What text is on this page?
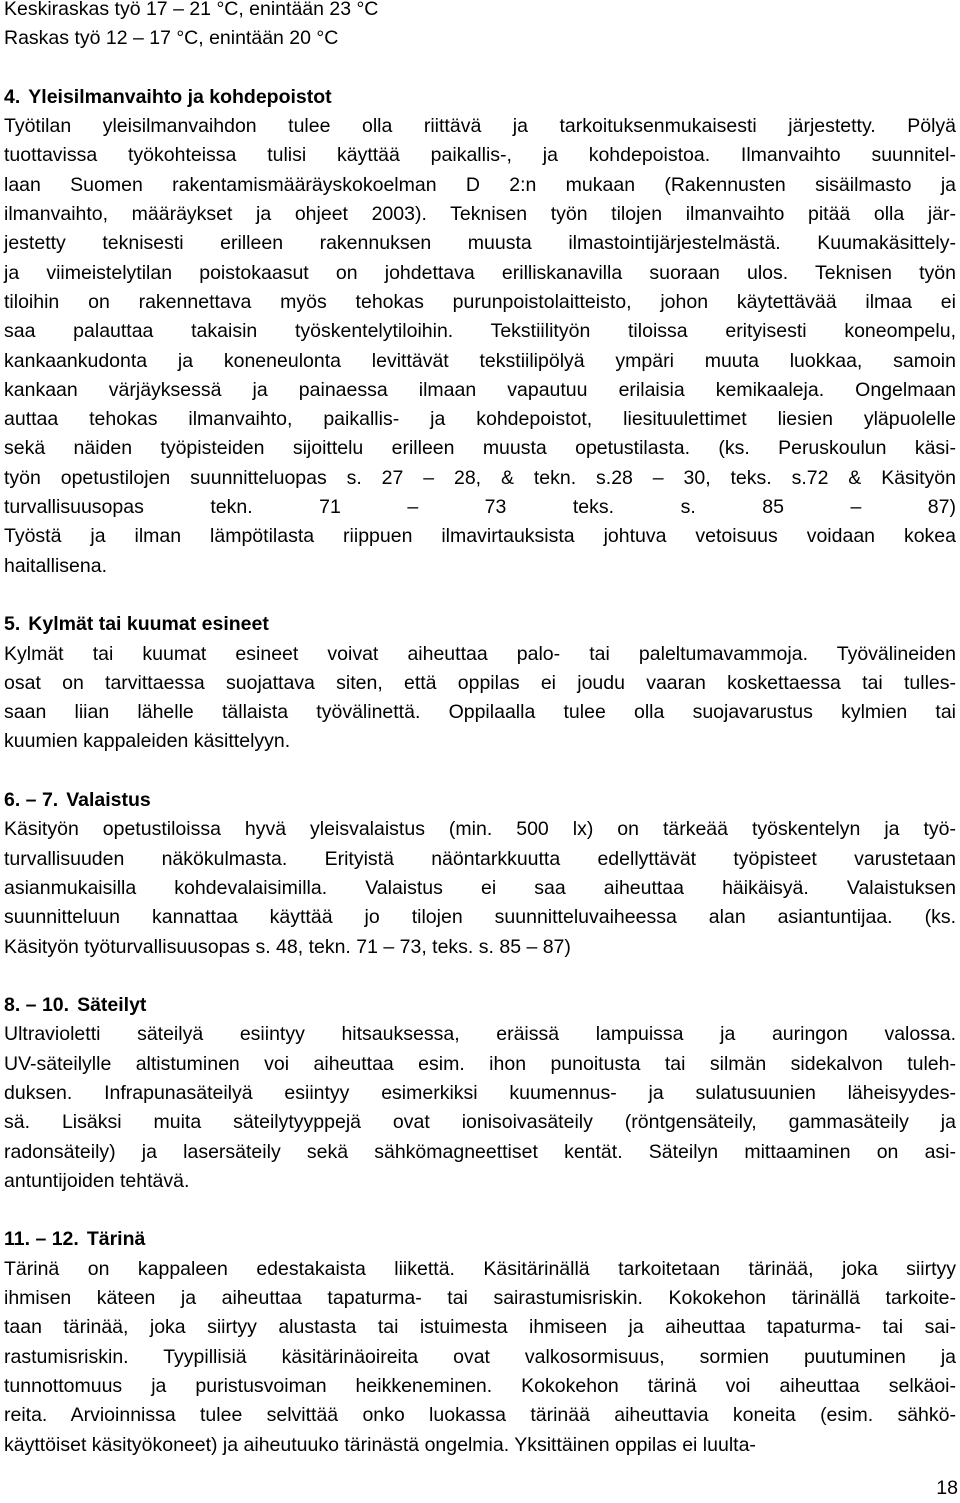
Keskiraskas työ 17 – 21 °C, enintään 23 °C

Raskas työ 12 – 17 °C, enintään 20 °C

4. Yleisilmanvaihto ja kohdepoistot

Työtilan yleisilmanvaihdon tulee olla riittävä ja tarkoituksenmukaisesti järjestetty. Pölyä

tuottavissa työkohteissa tulisi käyttää paikallis-, ja kohdepoistoa. Ilmanvaihto suunnitel-

laan Suomen rakentamismääräyskokoelman D 2:n mukaan (Rakennusten sisäilmasto ja

ilmanvaihto, määräykset ja ohjeet 2003). Teknisen työn tilojen ilmanvaihto pitää olla jär-

jestetty teknisesti erilleen rakennuksen muusta ilmastointijärjestelmästä. Kuumakäsittely-

ja viimeistelytilan poistokaasut on johdettava erilliskanavilla suoraan ulos. Teknisen työn

tiloihin on rakennettava myös tehokas purunpoistolaitteisto, johon käytettävää ilmaa ei

saa palauttaa takaisin työskentelytiloihin. Tekstiilityön tiloissa erityisesti koneompelu,

kankaankudonta ja koneneulonta levittävät tekstiilipölyä ympäri muuta luokkaa, samoin

kankaan värjäyksessä ja painaessa ilmaan vapautuu erilaisia kemikaaleja. Ongelmaan

auttaa tehokas ilmanvaihto, paikallis- ja kohdepoistot, liesituulettimet liesien yläpuolelle

sekä näiden työpisteiden sijoittelu erilleen muusta opetustilasta. (ks. Peruskoulun käsi-

työn opetustilojen suunnitteluopas s. 27 – 28, & tekn. s.28 – 30, teks. s.72 & Käsityön

turvallisuusopas tekn. 71 – 73 teks. s. 85 – 87)

Työstä ja ilman lämpötilasta riippuen ilmavirtauksista johtuva vetoisuus voidaan kokea

haitallisena.

5. Kylmät tai kuumat esineet

Kylmät tai kuumat esineet voivat aiheuttaa palo- tai paleltumavammoja. Työvälineiden

osat on tarvittaessa suojattava siten, että oppilas ei joudu vaaran koskettaessa tai tulles-

saan liian lähelle tällaista työvälinettä. Oppilaalla tulee olla suojavarustus kylmien tai

kuumien kappaleiden käsittelyyn.

6. – 7. Valaistus

Käsityön opetustiloissa hyvä yleisvalaistus (min. 500 lx) on tärkeää työskentelyn ja työ-

turvallisuuden näkökulmasta. Erityistä näöntarkkuutta edellyttävät työpisteet varustetaan

asianmukaisilla kohdevalaisimilla. Valaistus ei saa aiheuttaa häikäisyä. Valaistuksen

suunnitteluun kannattaa käyttää jo tilojen suunnitteluvaiheessa alan asiantuntijaa. (ks.

Käsityön työturvallisuusopas s. 48, tekn. 71 – 73, teks. s. 85 – 87)

8. – 10. Säteilyt

Ultravioletti säteilyä esiintyy hitsauksessa, eräissä lampuissa ja auringon valossa.

UV-säteilylle altistuminen voi aiheuttaa esim. ihon punoitusta tai silmän sidekalvon tuleh-

duksen. Infrapunasäteilyä esiintyy esimerkiksi kuumennus- ja sulatusuunien läheisyydes-

sä. Lisäksi muita säteilytyyppejä ovat ionisoivasäteily (röntgensäteily, gammasäteily ja

radonsäteily) ja lasersäteily sekä sähkömagneettiset kentät. Säteilyn mittaaminen on asi-

antuntijoiden tehtävä.

11. – 12. Tärinä

Tärinä on kappaleen edestakaista liikettä. Käsitärinällä tarkoitetaan tärinää, joka siirtyy

ihmisen käteen ja aiheuttaa tapaturma- tai sairastumisriskin. Kokokehon tärinällä tarkoite-

taan tärinää, joka siirtyy alustasta tai istuimesta ihmiseen ja aiheuttaa tapaturma- tai sai-

rastumisriskin. Tyypillisiä käsitärinäoireita ovat valkosormisuus, sormien puutuminen ja

tunnottomuus ja puristusvoiman heikkeneminen. Kokokehon tärinä voi aiheuttaa selkäoi-

reita. Arvioinnissa tulee selvittää onko luokassa tärinää aiheuttavia koneita (esim. sähkö-

käyttöiset käsityökoneet) ja aiheutuuko tärinästä ongelmia. Yksittäinen oppilas ei luulta-

18
